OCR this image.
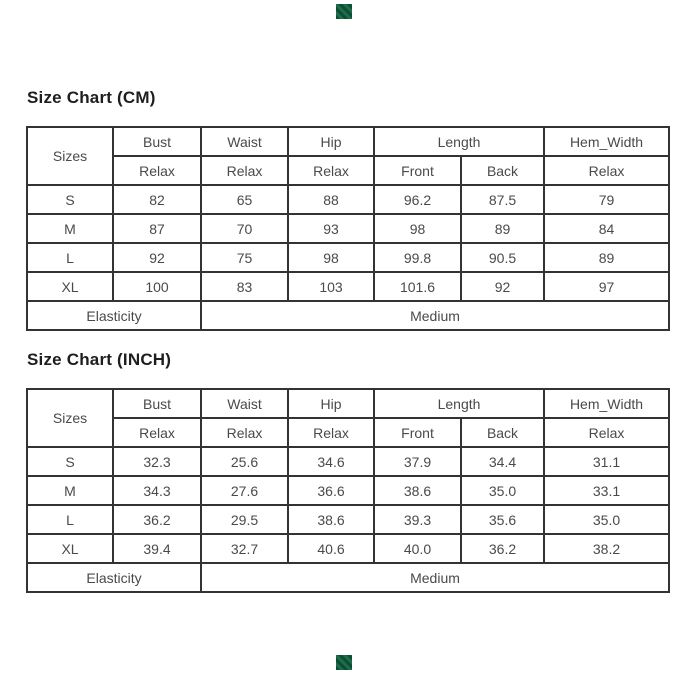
Size Chart (CM)
Sizes	Bust	Waist	Hip	Length		Hem_Width
	Relax	Relax	Relax	Front	Back	Relax
S	82	65	88	96.2	87.5	79
M	87	70	93	98	89	84
L	92	75	98	99.8	90.5	89
XL	100	83	103	101.6	92	97
Elasticity		Medium				
Size Chart (INCH)
Sizes	Bust	Waist	Hip	Length		Hem_Width
	Relax	Relax	Relax	Front	Back	Relax
S	32.3	25.6	34.6	37.9	34.4	31.1
M	34.3	27.6	36.6	38.6	35.0	33.1
L	36.2	29.5	38.6	39.3	35.6	35.0
XL	39.4	32.7	40.6	40.0	36.2	38.2
Elasticity		Medium				
